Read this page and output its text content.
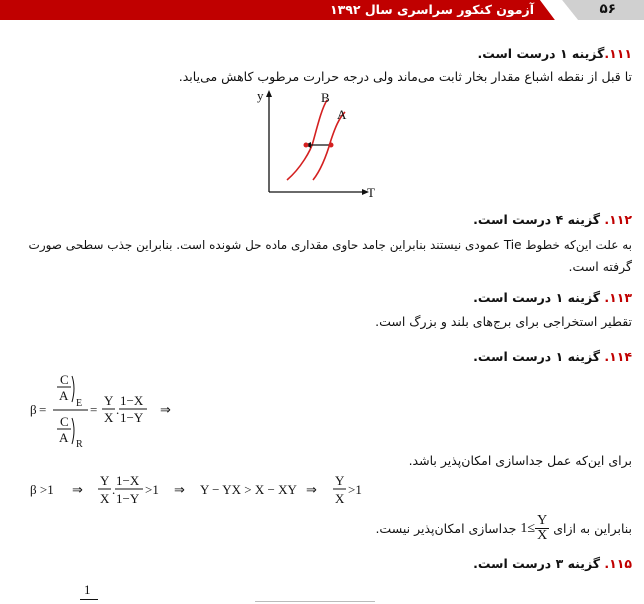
آزمون کنکور سراسری سال ۱۳۹۲	۵۶
۱۱۱.گزینه ۱ درست است.
تا قبل از نقطه اشباع مقدار بخار ثابت می‌ماند ولی درجه حرارت مرطوب کاهش می‌یابد.
y
T
B
A
۱۱۲. گزینه ۴ درست است.
به علت این‌که خطوط Tie عمودی نیستند بنابراین جامد حاوی مقداری ماده حل شونده است. بنابراین جذب سطحی صورت
گرفته است.
۱۱۳. گزینه ۱ درست است.
تقطیر استخراجی برای برج‌های بلند و بزرگ است.
۱۱۴. گزینه ۱ درست است.
β =
C
A
E
C
A R
=
Y
X
.
1−X
1−Y ⇒
برای این‌که عمل جداسازی امکان‌پذیر باشد.
β >1 ⇒
Y
X
.
1−X
1−Y
>1 ⇒ Y − YX > X − XY ⇒
Y
X
>1
بنابراین به ازای
$1\le \frac{Y}{X}$
جداسازی امکان‌پذیر نیست.
۱۱۵. گزینه ۳ درست است.
1
